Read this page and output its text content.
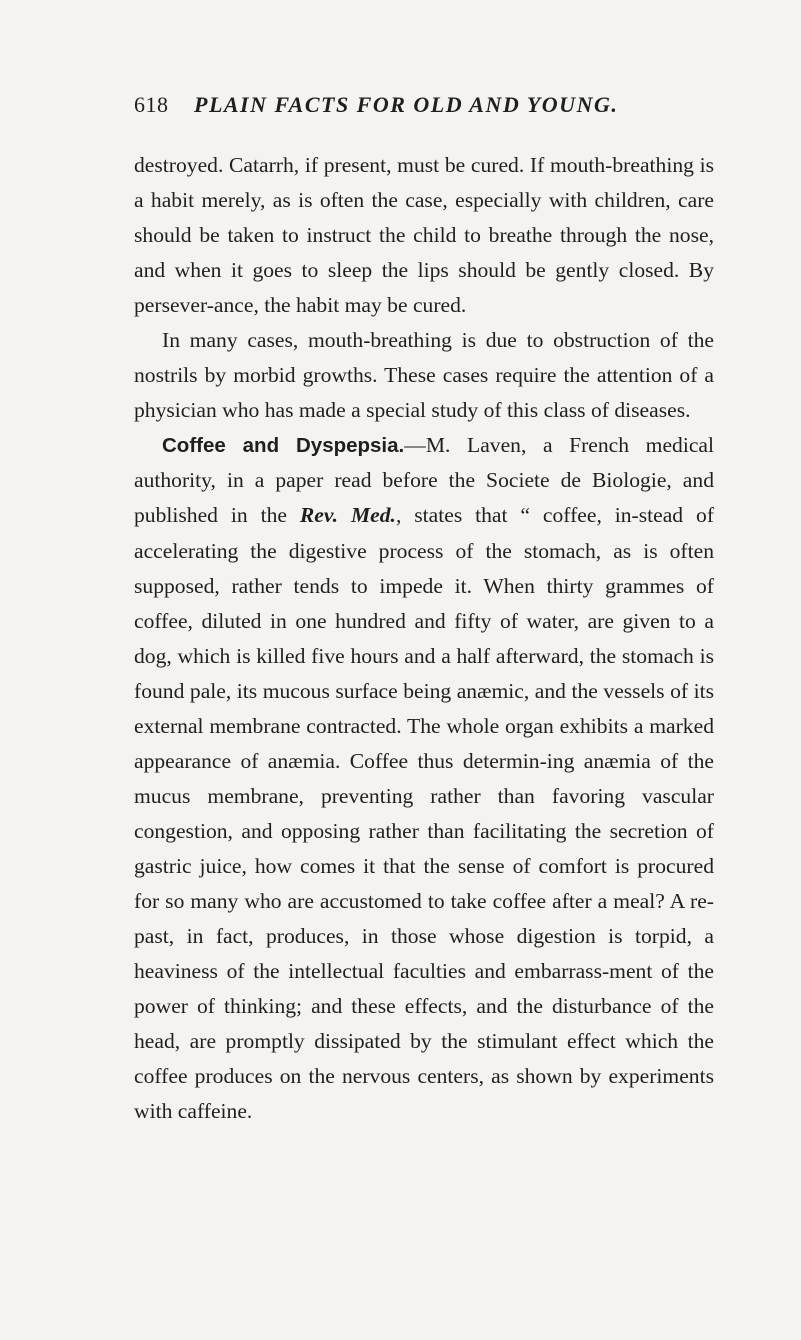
618 PLAIN FACTS FOR OLD AND YOUNG.

destroyed. Catarrh, if present, must be cured. If mouth-breathing is a habit merely, as is often the case, especially with children, care should be taken to instruct the child to breathe through the nose, and when it goes to sleep the lips should be gently closed. By persever-ance, the habit may be cured.

In many cases, mouth-breathing is due to obstruction of the nostrils by morbid growths. These cases require the attention of a physician who has made a special study of this class of diseases.

Coffee and Dyspepsia.—M. Laven, a French medical authority, in a paper read before the Societe de Biologie, and published in the Rev. Med., states that “ coffee, in-stead of accelerating the digestive process of the stomach, as is often supposed, rather tends to impede it. When thirty grammes of coffee, diluted in one hundred and fifty of water, are given to a dog, which is killed five hours and a half afterward, the stomach is found pale, its mucous surface being anæmic, and the vessels of its external membrane contracted. The whole organ exhibits a marked appearance of anæmia. Coffee thus determin-ing anæmia of the mucus membrane, preventing rather than favoring vascular congestion, and opposing rather than facilitating the secretion of gastric juice, how comes it that the sense of comfort is procured for so many who are accustomed to take coffee after a meal? A re-past, in fact, produces, in those whose digestion is torpid, a heaviness of the intellectual faculties and embarrass-ment of the power of thinking; and these effects, and the disturbance of the head, are promptly dissipated by the stimulant effect which the coffee produces on the nervous centers, as shown by experiments with caffeine.
